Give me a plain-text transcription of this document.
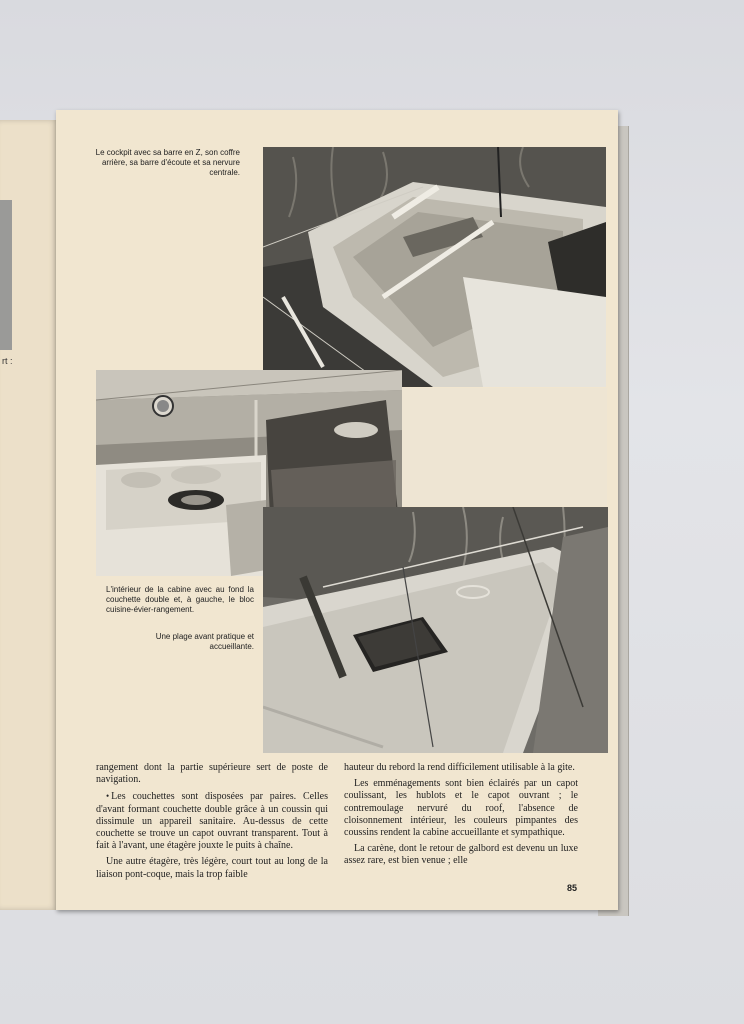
rt :
Le cockpit avec sa barre en Z, son coffre arrière, sa barre d'écoute et sa nervure centrale.
L'intérieur de la cabine avec au fond la couchette double et, à gauche, le bloc cuisine-évier-rangement.
Une plage avant pratique et accueillante.

rangement dont la partie supérieure sert de poste de navigation.

• Les couchettes sont disposées par paires. Celles d'avant formant couchette double grâce à un coussin qui dissimule un appareil sanitaire. Au-dessus de cette couchette se trouve un capot ouvrant transparent. Tout à fait à l'avant, une étagère jouxte le puits à chaîne.

Une autre étagère, très légère, court tout au long de la liaison pont-coque, mais la trop faible

hauteur du rebord la rend difficilement utilisable à la gite.

Les emménagements sont bien éclairés par un capot coulissant, les hublots et le capot ouvrant ; le contremoulage nervuré du roof, l'absence de cloisonnement intérieur, les couleurs pimpantes des coussins rendent la cabine accueillante et sympathique.

La carène, dont le retour de galbord est devenu un luxe assez rare, est bien venue ; elle

85
